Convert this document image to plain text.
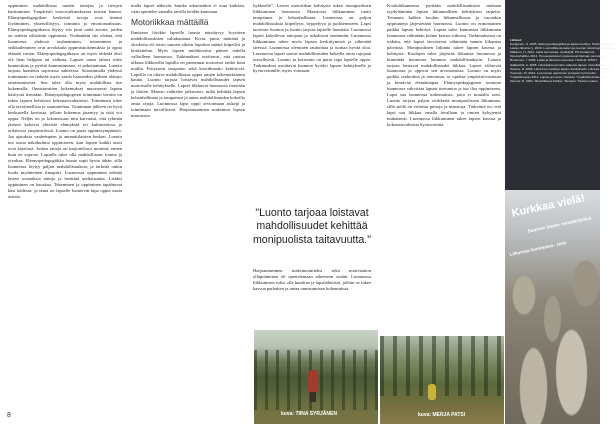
oppiminen mahdollistaa uusien taitojen ja tietojen karttumisen. Ympäristö vuorovaikutuksessa toisten kanssa. Elämyspedagogiikan keskeisiä arvoja ovat itsensä löytäminen, yhteisöllisyys, toiminta ja emotionaalisuus. Elämyspedagogiikassa löytyy siis juuri näitä asioita, joiden on todettu edistävän oppimista. Voidaankin siis olettaa, että luonnossa yhdessä touhuaminen, toimiminen ja seikkaileminen ovat arvokkaita oppimiskokemuksia ja oppia elämää varten. Elämyspedagogiikassa on myös tärkeää ettei ole liian helppoa tai vaikeaa. Lapsen omaa tahtoa tulee kunnioittaa ja pyrkiä kannustamaan, ei pakottamaan. Luonto tarjoaa haasteita sopivassa suhteessa. Sitoutumalla yhdessä toimintaan on tärkeää myös saada haasteiden jälkeen elämys onnistumisesta. Sen tulee olla myös mahdollista itse kokemalla. Onnistumisen kokemukset muovaavat lapsen käsitystä itsestään. Elämyspedagogisen toiminnan tavoite on tukea lapsen kehitystä kokonaisvaltaisesti. Toiminnan tulee olla tavoitteellista ja suunniteltua. Toiminnan jälkeen on hyvä keskustella koetusta, jolloin kokemus jäsentyy ja siitä voi oppia. Neljäs on jo lokonaisuus niin karvaasti, että ryhmän jäsenet kokevat yhteisiä elämyksiä eri kulttuureissa ja erilaisissa ympäristöissä. Luonto on paras oppimisympäristö. Jaa ajatuksia vanhempien ja ammattilaisten kesken. Luonto tuo uusia näkökulmia oppimiseen, kun lapsen kaikki aistit ovat käytössä. Joskus taitoja on harjoiteltava monesti, ennen kuin ne sujuvat. Lapsella tulee olla mahdollisuus toimia ja oivaltaa. Elämyspedagogiikka luonto sopii hyvin tähän, sillä luonnossa löytyy paljon mahdollisuuksia, ja tärkeää onkin luoda myönteinen ilmapiiri. Luonnossa oppiminen edistää lasten sosiaalisia taitoja ja herättää uteliaisuutta. Lisäksi oppiminen on hauskaa. Tekeminen ja oppiminen tapahtuvat käsi kädessä, ja tämä on lapselle luontevin tapa oppia uusia asioita.

malla lapset näkevät, kuinka aikuinenkin ei osaa kaikkea, vaan opettelee samalla tavalla heidän kanssaan.

Motoriikkaa mättäillä

Ihmiseen liioikin lapselle luonto näyttäytyy fyysisten mahdollisuuksien valtakuntana. Kiviä, puita, mättäitä ja oksikoita eli toisin sanoen oikein lopulton määrä kiipeilyä ja koskettelua. Myös lapsen mielikuvitus pääsee todella valloilleen luonnossa. Tutkimukset osoittavat, että ruutua ulkona liikkuvilla lapsilla on paremmat motoriset taidot kuin muilla. Erityisesti tasapaino sekä koordinaatio kehittyvät. Lapsilla on oltava mahdollisuus oppia omien kokemuksiensa kautta. Luonto tarjoaa loistavat mahdollisuudet lapsen motoriselle kehitykselle. Lapset liikkuvat luonnossa itsestään ja iloiten. Maasto vaihtelee jatkuvasti, mikä kehittää lapsen kehonhallintaa ja tasapainoa ja antaa mahdollisuuden kokeilla omia rajoja. Luonnossa lapsi oppii arvioimaan riskejä ja toimimaan turvallisesti. Harjaantuminen maksimoi lapsen innostusta.

kykkeelle”. Lasten motoriikan kehitystä tukee monipuolinen liikkuminen luonnossa. Maastossa liikkuminen vaatii tasapainoa ja kehonhallintaa. Luonnossa on paljon mahdollisuuksia kiipeilyyn, hyppelyyn ja juoksemiseen. Lapsi tarvitsee luontoa ja luonto tarjoaa lapselle haasteita. Luonnossa lapset kokeilevat taitojaan ja uskaltavat enemmän. Luonnossa liikkuminen tukee myös lapsen keskittymistä ja vähentää stressiä. Luonnossa oleminen rauhoittaa ja tuottaa hyvää oloa. Luonnossa lapset saavat mahdollisuuden kokeilla omia rajojaan turvallisesti. Luonto ja kotiseutu on paras tapa lapselle oppia. Tutkimukset osoittavat luonnon hyödyt lapsen kehitykselle ja hyvinvoinnille, myös voimaan.

"Luonto tarjoaa loistavat mahdollisuudet kehittää monipuolista taitavuutta."

Harjaantuminen maksimoimieksi sekä motivaation ylläpitäminen eli opettelemaan aiheeseen sisään. Luonnossa liikkumisen tulisi olla hauskaa ja lapsilähtöistä, jolloin se tukee kasvua parhaiten ja antaa onnistumisen kokemuksia.

kuva: TIINA SYRJÄNEN

Koululiikunnassa pyritään mahdollisuuksien mukaan tyydyttämään lapsen liikunnallisen kehityksen tarpeita. Teemana kulkee koulun liikunnallisuus ja varsinkin oppitunteja järjestetään luonnossa. Luonto on erinomainen paikka lapsen kehittyä. Lapsia tulee kannustaa liikkumaan luonnossa vähintään kolme kertaa viikossa. Tutkimuksissa on todettu, että lapset tarvitsevat vähintään tunnin liikuntaa päivässä. Monipuolinen liikunta tukee lapsen kasvua ja kehitystä. Koulujen tulee järjestää liikuntaa luonnossa ja kiinnittää huomiota luonnon mahdollisuuksiin. Luonto tarjoaa loistavat mahdollisuudet liikkua. Lapset viihtyvät luonnossa ja oppivat sen arvostamista. Luonto on myös paikka rauhoittua ja rentoutua, se opettaa ympäristövastuuta ja kestävää elämäntapaa. Elämyspedagoginen toiminta luonnossa vahvistaa lapsen itsetuntoa ja tuo iloa oppimiseen. Lapsi saa luonnossa kokemuksia, joita ei muualla saisi. Luonto tarjoaa paljon virikkeitä monipuoliseen liikuntaan, sillä siellä on erilaisia pintoja ja maastoja. Tärkeintä on, että lapsi saa liikkua omalla tavallaan ja omien kykyjensä mukaisesti. Luonnossa liikkuminen tukee lapsen kasvua ja kokonaisvaltaista hyvinvointia.

kuva: MERJA PATSI
Lähteet:
Karppinen, S. 2005. Elämyspedagogiikka ja lapsen kehitys. Helsinki: Tammi.
Lasten liikunta ry. 2010. Luontoliikunta lasten ja nuorten toimintaympäristönä.
Mäkinen, H. 2011. Lapsi luonnossa. Jyväskylä: PS-kustannus.
Opetushallitus 2014. Perusopetuksen opetussuunnitelman perusteet.
Ruokonen, I. 2009. Leikki ja liikunta luonnossa. Helsinki: WSOY.
Sääkslahti, A. 2005. Liikuntaintervention vaikutus lapsen motoriikkaan.
Telama, R. 2009. Liikunnan merkitys lapsen kehitykselle. Liikunta & Tiede.
Vuorinen, M. 2012. Luonnossa oppiminen ja lapsen hyvinvointi.
Ympäristöopas 2013. Lapset ja luonto. Helsinki: Ympäristöministeriö.
Zimmer, R. 2001. Motoriikka ja kehitys. Tampere: Tammer-paino.
Kurkkaa vielä!
Suomen lasten metsäkirjoitus
Liikuntaa luonnossa - teos
8
